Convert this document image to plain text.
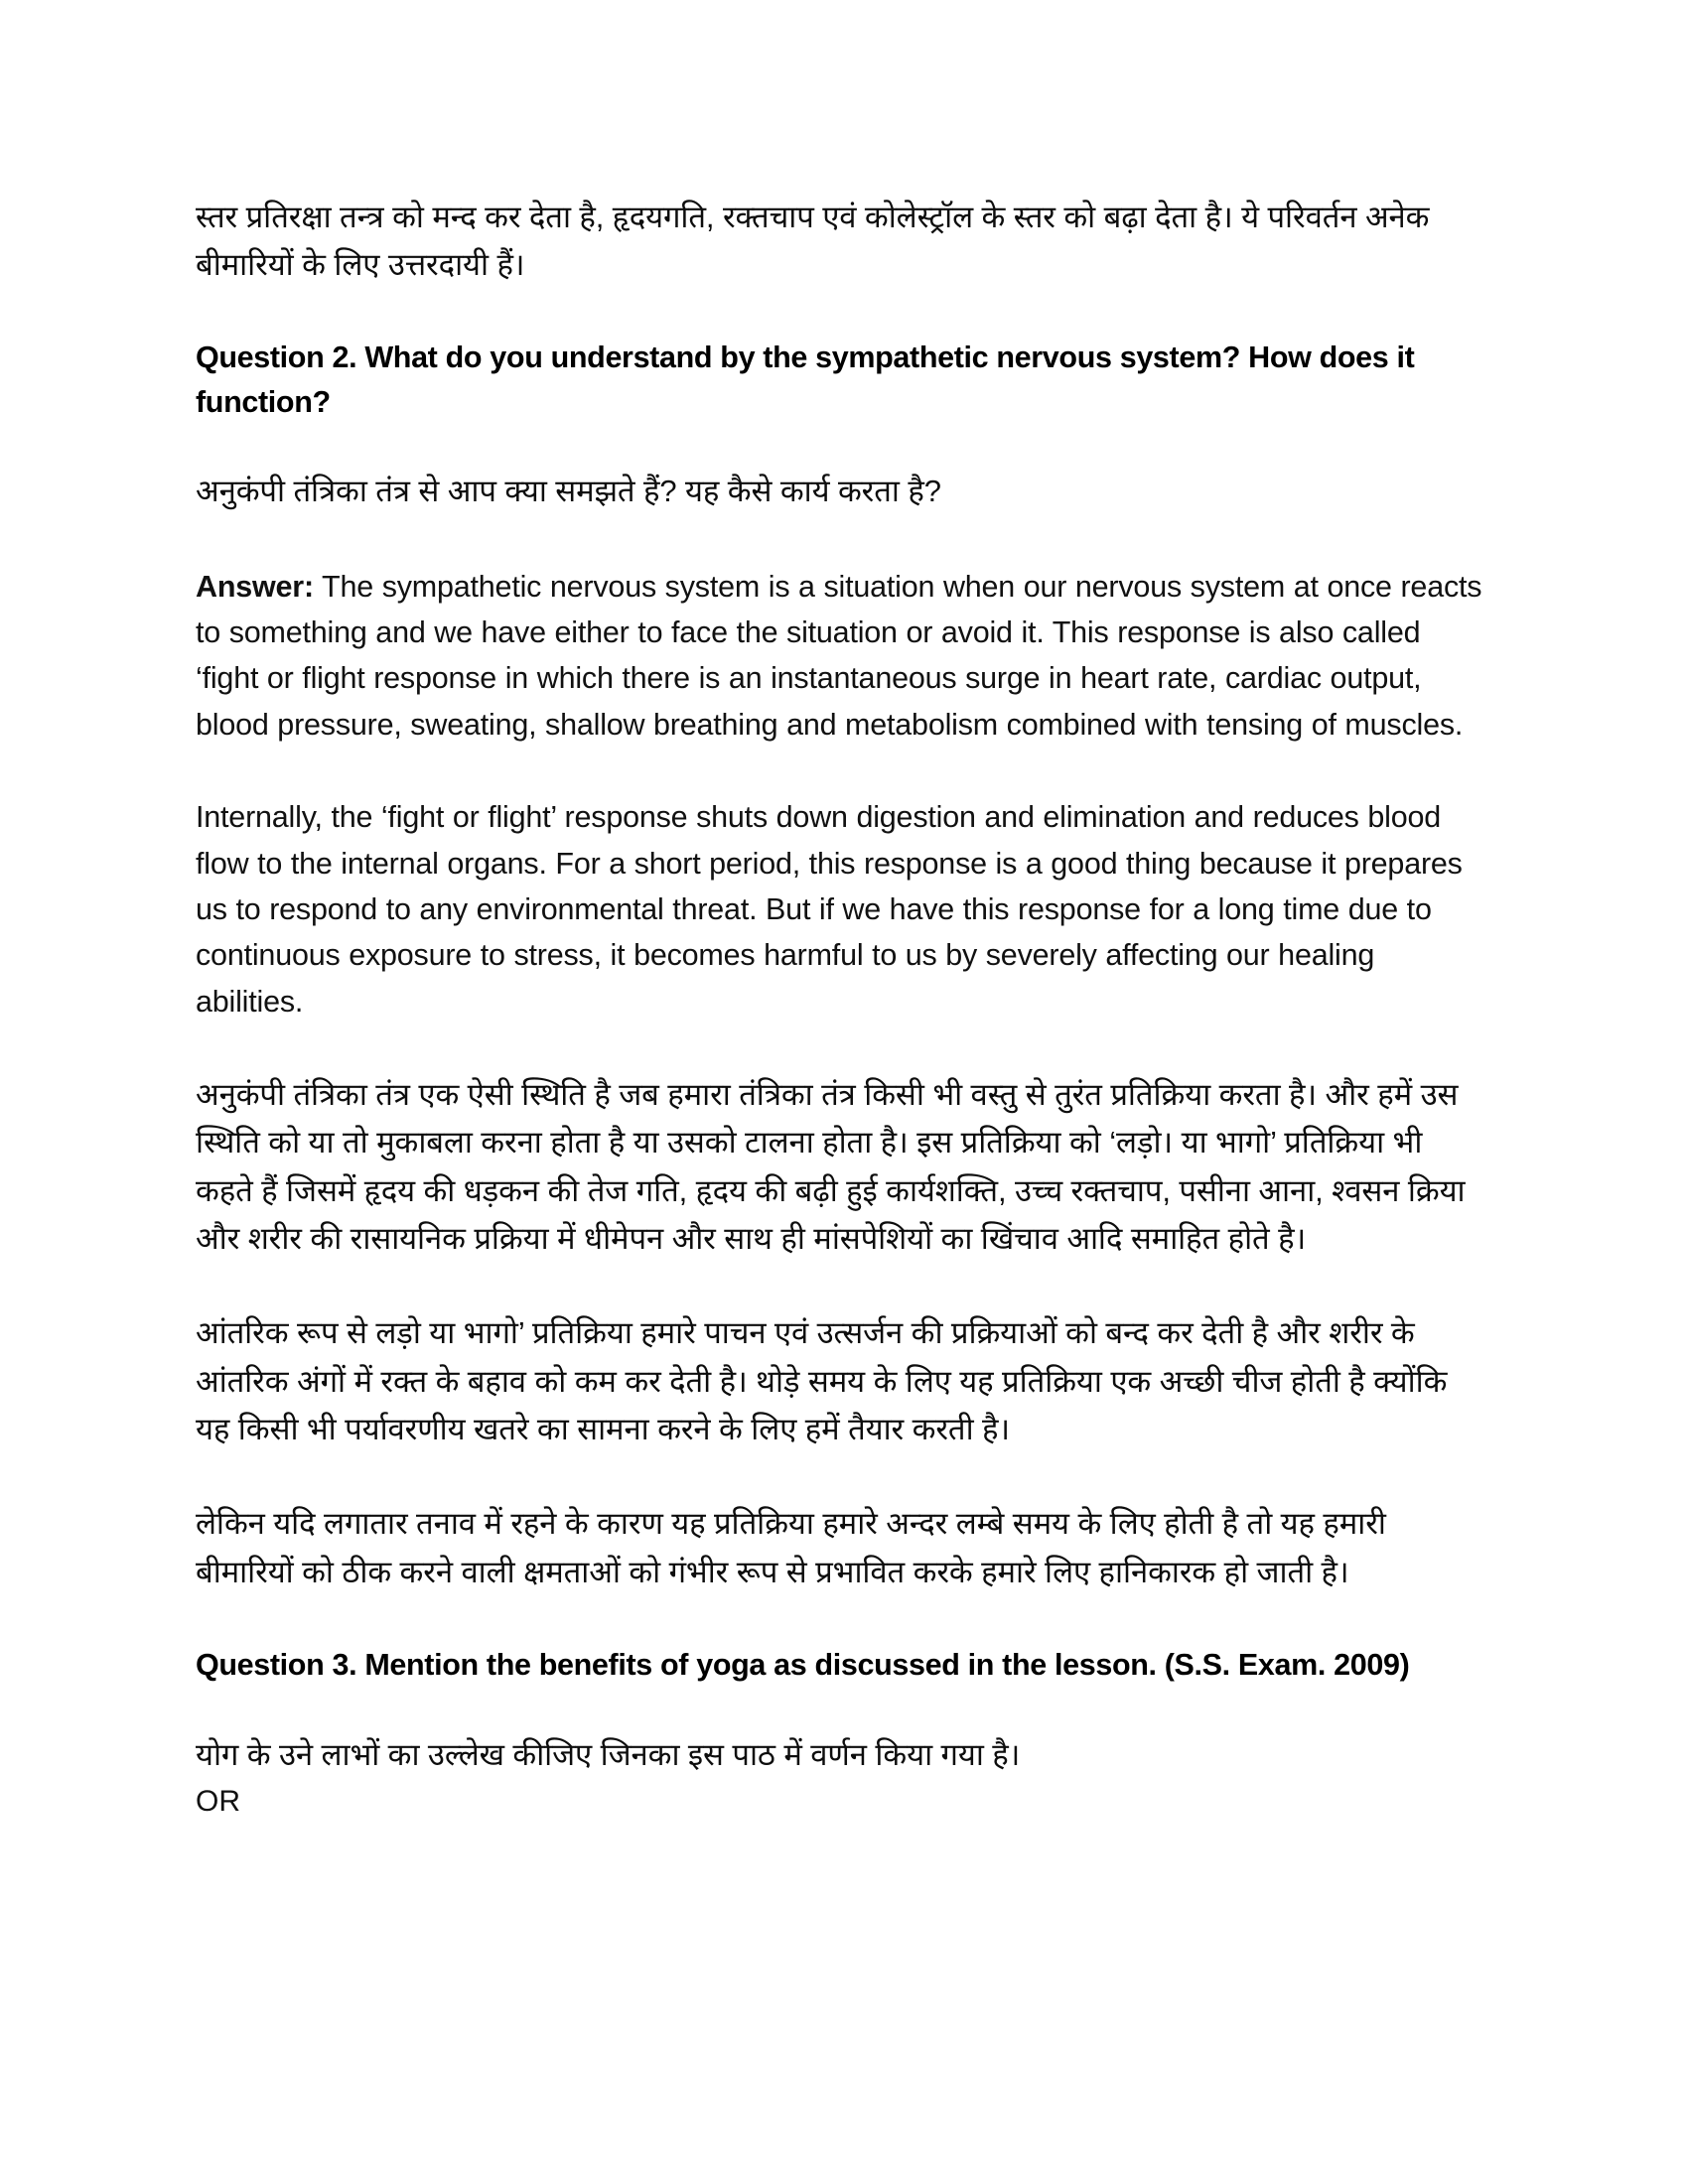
स्तर प्रतिरक्षा तन्त्र को मन्द कर देता है, हृदयगति, रक्तचाप एवं कोलेस्ट्रॉल के स्तर को बढ़ा देता है। ये परिवर्तन अनेक बीमारियों के लिए उत्तरदायी हैं।

Question 2. What do you understand by the sympathetic nervous system? How does it function?

अनुकंपी तंत्रिका तंत्र से आप क्या समझते हैं? यह कैसे कार्य करता है?

Answer: The sympathetic nervous system is a situation when our nervous system at once reacts to something and we have either to face the situation or avoid it. This response is also called ‘fight or flight response in which there is an instantaneous surge in heart rate, cardiac output, blood pressure, sweating, shallow breathing and metabolism combined with tensing of muscles.

Internally, the ‘fight or flight’ response shuts down digestion and elimination and reduces blood flow to the internal organs. For a short period, this response is a good thing because it prepares us to respond to any environmental threat. But if we have this response for a long time due to continuous exposure to stress, it becomes harmful to us by severely affecting our healing abilities.

अनुकंपी तंत्रिका तंत्र एक ऐसी स्थिति है जब हमारा तंत्रिका तंत्र किसी भी वस्तु से तुरंत प्रतिक्रिया करता है। और हमें उस स्थिति को या तो मुकाबला करना होता है या उसको टालना होता है। इस प्रतिक्रिया को ‘लड़ो। या भागो’ प्रतिक्रिया भी कहते हैं जिसमें हृदय की धड़कन की तेज गति, हृदय की बढ़ी हुई कार्यशक्ति, उच्च रक्तचाप, पसीना आना, श्वसन क्रिया और शरीर की रासायनिक प्रक्रिया में धीमेपन और साथ ही मांसपेशियों का खिंचाव आदि समाहित होते है।

आंतरिक रूप से लड़ो या भागो’ प्रतिक्रिया हमारे पाचन एवं उत्सर्जन की प्रक्रियाओं को बन्द कर देती है और शरीर के आंतरिक अंगों में रक्त के बहाव को कम कर देती है। थोड़े समय के लिए यह प्रतिक्रिया एक अच्छी चीज होती है क्योंकि यह किसी भी पर्यावरणीय खतरे का सामना करने के लिए हमें तैयार करती है।

लेकिन यदि लगातार तनाव में रहने के कारण यह प्रतिक्रिया हमारे अन्दर लम्बे समय के लिए होती है तो यह हमारी बीमारियों को ठीक करने वाली क्षमताओं को गंभीर रूप से प्रभावित करके हमारे लिए हानिकारक हो जाती है।

Question 3. Mention the benefits of yoga as discussed in the lesson. (S.S. Exam. 2009)

योग के उने लाभों का उल्लेख कीजिए जिनका इस पाठ में वर्णन किया गया है।

OR
